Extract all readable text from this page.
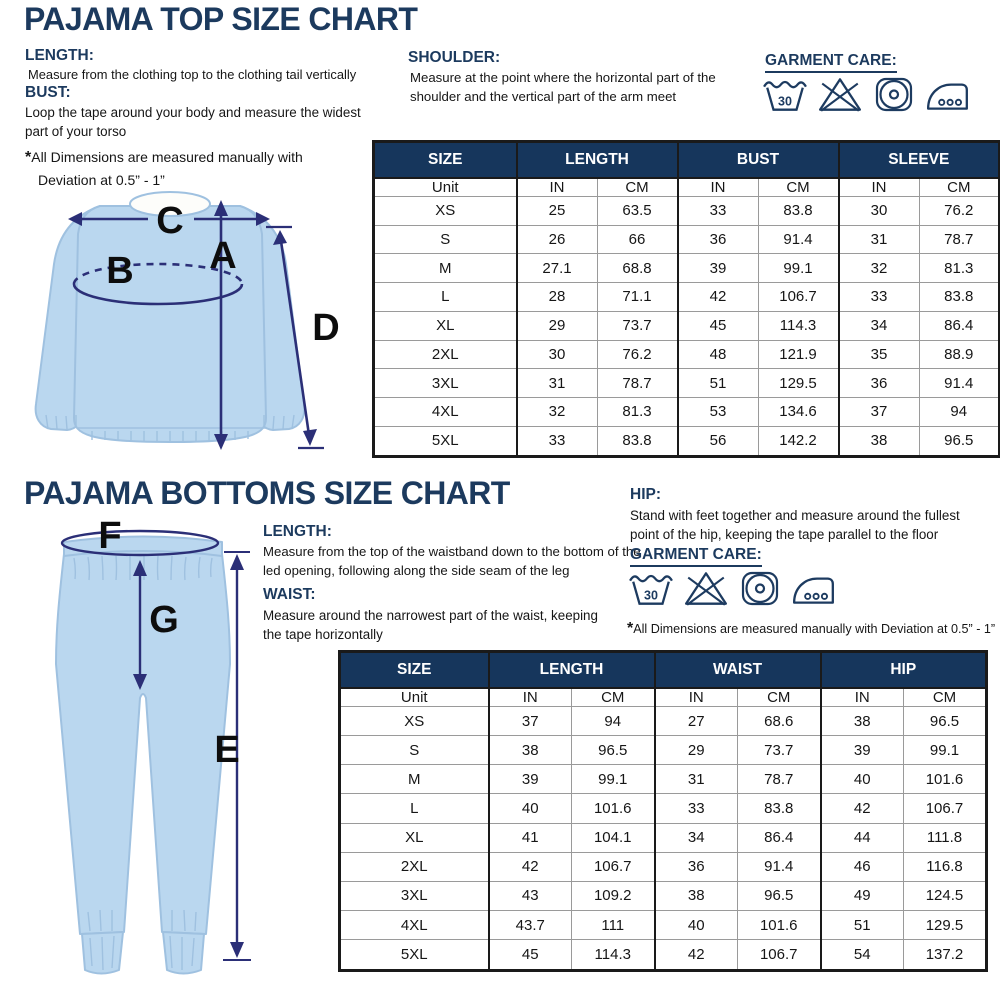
PAJAMA TOP SIZE CHART
LENGTH:
Measure from the clothing top to the clothing tail vertically
BUST:
Loop the tape around your body and measure the widest part of your torso
*All Dimensions are measured manually with
Deviation at 0.5” - 1”
SHOULDER:
Measure at the point where the horizontal part of the shoulder and the vertical part of the arm meet
GARMENT CARE:
30
C
A
B
D
SIZE	LENGTH		BUST		SLEEVE	
Unit	IN	CM	IN	CM	IN	CM
XS	25	63.5	33	83.8	30	76.2
S	26	66	36	91.4	31	78.7
M	27.1	68.8	39	99.1	32	81.3
L	28	71.1	42	106.7	33	83.8
XL	29	73.7	45	114.3	34	86.4
2XL	30	76.2	48	121.9	35	88.9
3XL	31	78.7	51	129.5	36	91.4
4XL	32	81.3	53	134.6	37	94
5XL	33	83.8	56	142.2	38	96.5
PAJAMA BOTTOMS SIZE CHART
F
G
E
LENGTH:
Measure from the top of the waistband down to the bottom of the led opening, following along the side seam of the leg
WAIST:
Measure around the narrowest part of the waist, keeping the tape horizontally
HIP:
Stand with feet together and measure around the fullest point of the hip, keeping the tape parallel to the floor
GARMENT CARE:
30
*All Dimensions are measured manually with Deviation at 0.5” - 1”
SIZE	LENGTH		WAIST		HIP	
Unit	IN	CM	IN	CM	IN	CM
XS	37	94	27	68.6	38	96.5
S	38	96.5	29	73.7	39	99.1
M	39	99.1	31	78.7	40	101.6
L	40	101.6	33	83.8	42	106.7
XL	41	104.1	34	86.4	44	111.8
2XL	42	106.7	36	91.4	46	116.8
3XL	43	109.2	38	96.5	49	124.5
4XL	43.7	111	40	101.6	51	129.5
5XL	45	114.3	42	106.7	54	137.2
